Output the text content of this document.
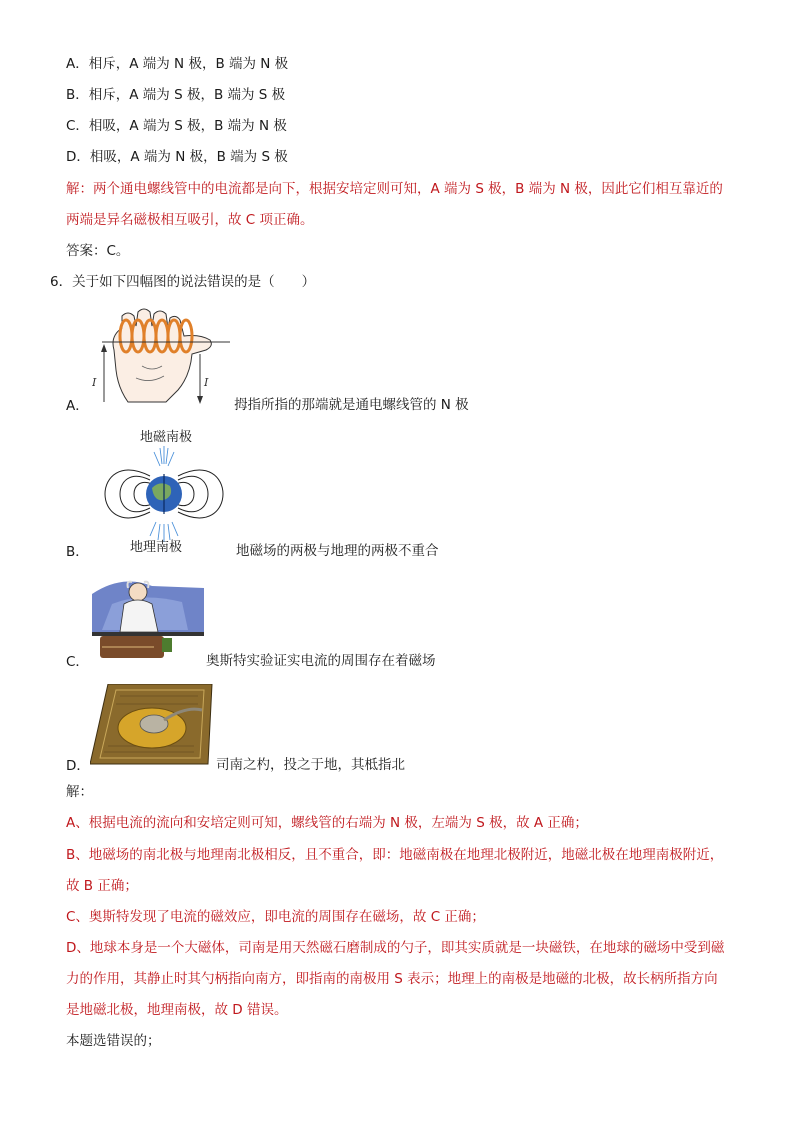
A．相斥，A 端为 N 极，B 端为 N 极
B．相斥，A 端为 S 极，B 端为 S 极
C．相吸，A 端为 S 极，B 端为 N 极
D．相吸，A 端为 N 极，B 端为 S 极
解：两个通电螺线管中的电流都是向下，根据安培定则可知，A 端为 S 极，B 端为 N 极，因此它们相互靠近的
两端是异名磁极相互吸引，故 C 项正确。
答案：C。
6．关于如下四幅图的说法错误的是（　　）
I	I
A．	拇指所指的那端就是通电螺线管的 N 极
地磁南极
地理南极
B．	地磁场的两极与地理的两极不重合
C．	奥斯特实验证实电流的周围存在着磁场
D．	司南之杓，投之于地，其柢指北
解：
A、根据电流的流向和安培定则可知，螺线管的右端为 N 极，左端为 S 极，故 A 正确；
B、地磁场的南北极与地理南北极相反，且不重合，即：地磁南极在地理北极附近，地磁北极在地理南极附近，
故 B 正确；
C、奥斯特发现了电流的磁效应，即电流的周围存在磁场，故 C 正确；
D、地球本身是一个大磁体，司南是用天然磁石磨制成的勺子，即其实质就是一块磁铁，在地球的磁场中受到磁
力的作用，其静止时其勺柄指向南方，即指南的南极用 S 表示；地理上的南极是地磁的北极，故长柄所指方向
是地磁北极，地理南极，故 D 错误。
本题选错误的；
